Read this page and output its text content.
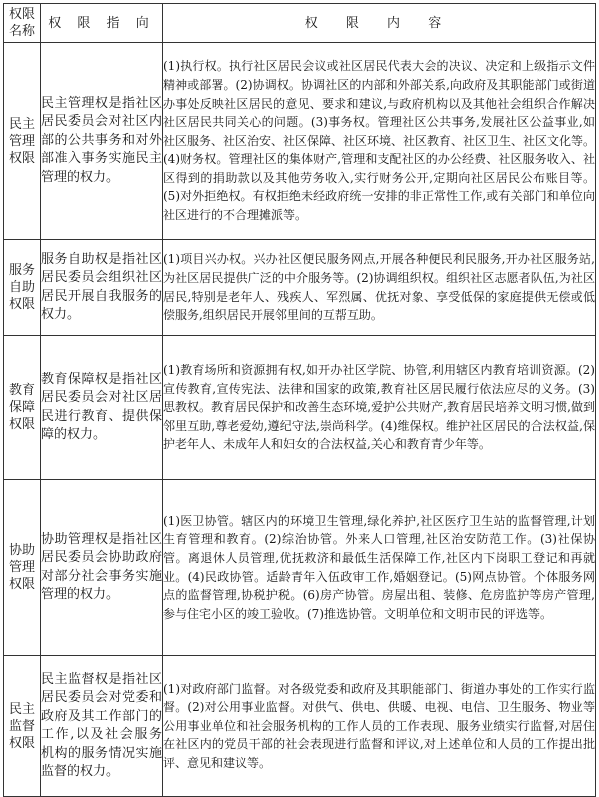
权限名称	权 限 指 向	权 限 内 容
民主管理权限	民主管理权是指社区居民委员会对社区内部的公共事务和对外部准入事务实施民主管理的权力。	(1)执行权。执行社区居民会议或社区居民代表大会的决议、决定和上级指示文件精神或部署。(2)协调权。协调社区的内部和外部关系,向政府及其职能部门或街道办事处反映社区居民的意见、要求和建议,与政府机构以及其他社会组织合作解决社区居民共同关心的问题。(3)事务权。管理社区公共事务,发展社区公益事业,如社区服务、社区治安、社区保障、社区环境、社区教育、社区卫生、社区文化等。(4)财务权。管理社区的集体财产,管理和支配社区的办公经费、社区服务收入、社区得到的捐助款以及其他劳务收入,实行财务公开,定期向社区居民公布账目等。(5)对外拒绝权。有权拒绝未经政府统一安排的非正常性工作,或有关部门和单位向社区进行的不合理摊派等。
服务自助权限	服务自助权是指社区居民委员会组织社区居民开展自我服务的权力。	(1)项目兴办权。兴办社区便民服务网点,开展各种便民利民服务,开办社区服务站,为社区居民提供广泛的中介服务等。(2)协调组织权。组织社区志愿者队伍,为社区居民,特别是老年人、残疾人、军烈属、优抚对象、享受低保的家庭提供无偿或低偿服务,组织居民开展邻里间的互帮互助。
教育保障权限	教育保障权是指社区居民委员会对社区居民进行教育、提供保障的权力。	(1)教育场所和资源拥有权,如开办社区学院、协管,利用辖区内教育培训资源。(2)宣传教育,宣传宪法、法律和国家的政策,教育社区居民履行依法应尽的义务。(3)思教权。教育居民保护和改善生态环境,爱护公共财产,教育居民培养文明习惯,做到邻里互助,尊老爱幼,遵纪守法,崇尚科学。(4)维保权。维护社区居民的合法权益,保护老年人、未成年人和妇女的合法权益,关心和教育青少年等。
协助管理权限	协助管理权是指社区居民委员会协助政府对部分社会事务实施管理的权力。	(1)医卫协管。辖区内的环境卫生管理,绿化养护,社区医疗卫生站的监督管理,计划生育管理和教育。(2)综治协管。外来人口管理,社区治安防范工作。(3)社保协管。离退休人员管理,优抚救济和最低生活保障工作,社区内下岗职工登记和再就业。(4)民政协管。适龄青年入伍政审工作,婚姻登记。(5)网点协管。个体服务网点的监督管理,协税护税。(6)房产协管。房屋出租、装修、危房监护等房产管理,参与住宅小区的竣工验收。(7)推选协管。文明单位和文明市民的评选等。
民主监督权限	民主监督权是指社区居民委员会对党委和政府及其工作部门的工作,以及社会服务机构的服务情况实施监督的权力。	(1)对政府部门监督。对各级党委和政府及其职能部门、街道办事处的工作实行监督。(2)对公用事业监督。对供气、供电、供暖、电视、电信、卫生服务、物业等公用事业单位和社会服务机构的工作人员的工作表现、服务业绩实行监督,对居住在社区内的党员干部的社会表现进行监督和评议,对上述单位和人员的工作提出批评、意见和建议等。
